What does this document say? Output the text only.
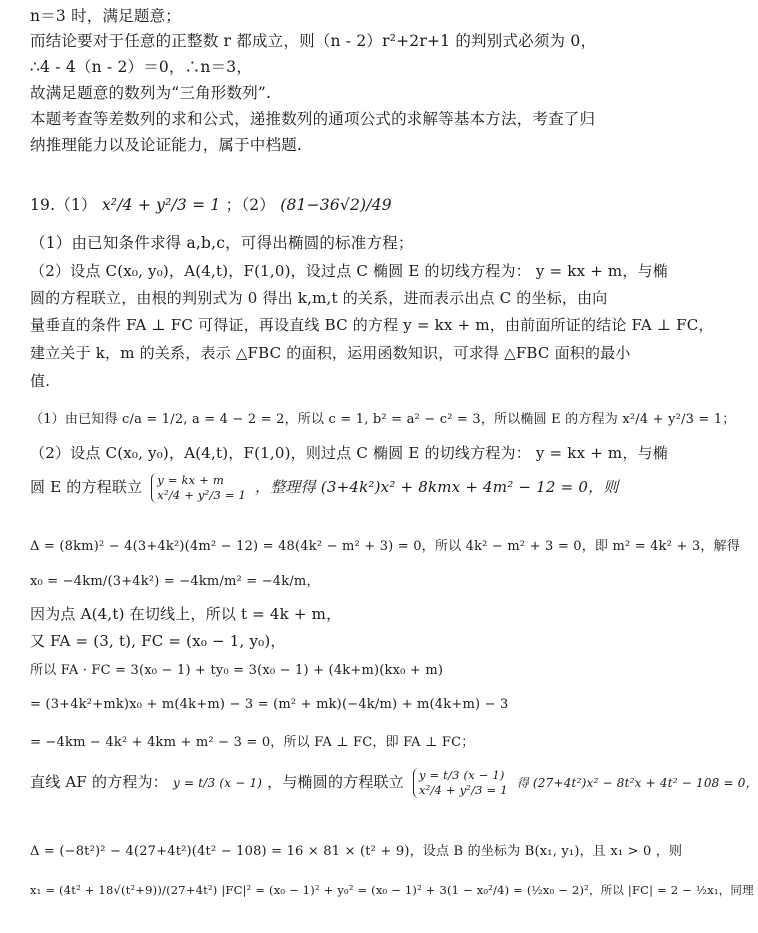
n＝3 时，满足题意；
而结论要对于任意的正整数 r 都成立，则（n - 2）r²+2r+1 的判别式必须为 0，
∴4 - 4（n - 2）＝0，∴n＝3，
故满足题意的数列为“三角形数列”.
本题考查等差数列的求和公式，递推数列的通项公式的求解等基本方法，考查了归
纳推理能力以及论证能力，属于中档题.
19.（1） x²/4 + y²/3 = 1 ；（2） (81−36√2)/49
（1）由已知条件求得 a,b,c，可得出椭圆的标准方程；
（2）设点 C(x₀, y₀)，A(4,t)，F(1,0)，设过点 C 椭圆 E 的切线方程为： y = kx + m，与椭
圆的方程联立，由根的判别式为 0 得出 k,m,t 的关系，进而表示出点 C 的坐标，由向
量垂直的条件 FA ⊥ FC 可得证，再设直线 BC 的方程 y = kx + m，由前面所证的结论 FA ⊥ FC，
建立关于 k，m 的关系，表示 △FBC 的面积，运用函数知识，可求得 △FBC 面积的最小
值.
（1）由已知得 c/a = 1/2, a = 4 − 2 = 2，所以 c = 1, b² = a² − c² = 3，所以椭圆 E 的方程为 x²/4 + y²/3 = 1；
（2）设点 C(x₀, y₀)，A(4,t)，F(1,0)，则过点 C 椭圆 E 的切线方程为： y = kx + m，与椭
圆 E 的方程联立 y = kx + m
x²/4 + y²/3 = 1 ，整理得 (3+4k²)x² + 8kmx + 4m² − 12 = 0，则
Δ = (8km)² − 4(3+4k²)(4m² − 12) = 48(4k² − m² + 3) = 0，所以 4k² − m² + 3 = 0，即 m² = 4k² + 3，解得
x₀ = −4km/(3+4k²) = −4km/m² = −4k/m，
因为点 A(4,t) 在切线上，所以 t = 4k + m，
又 FA = (3, t), FC = (x₀ − 1, y₀)，
所以 FA · FC = 3(x₀ − 1) + ty₀ = 3(x₀ − 1) + (4k+m)(kx₀ + m)
= (3+4k²+mk)x₀ + m(4k+m) − 3 = (m² + mk)(−4k/m) + m(4k+m) − 3
= −4km − 4k² + 4km + m² − 3 = 0，所以 FA ⊥ FC，即 FA ⊥ FC；
直线 AF 的方程为： y = t/3 (x − 1) ，与椭圆的方程联立 y = t/3 (x − 1)
x²/4 + y²/3 = 1 得 (27+4t²)x² − 8t²x + 4t² − 108 = 0，
Δ = (−8t²)² − 4(27+4t²)(4t² − 108) = 16 × 81 × (t² + 9)，设点 B 的坐标为 B(x₁, y₁)，且 x₁ > 0 ，则
x₁ = (4t² + 18√(t²+9))/(27+4t²) |FC|² = (x₀ − 1)² + y₀² = (x₀ − 1)² + 3(1 − x₀²/4) = (½x₀ − 2)²，所以 |FC| = 2 − ½x₁，同理
